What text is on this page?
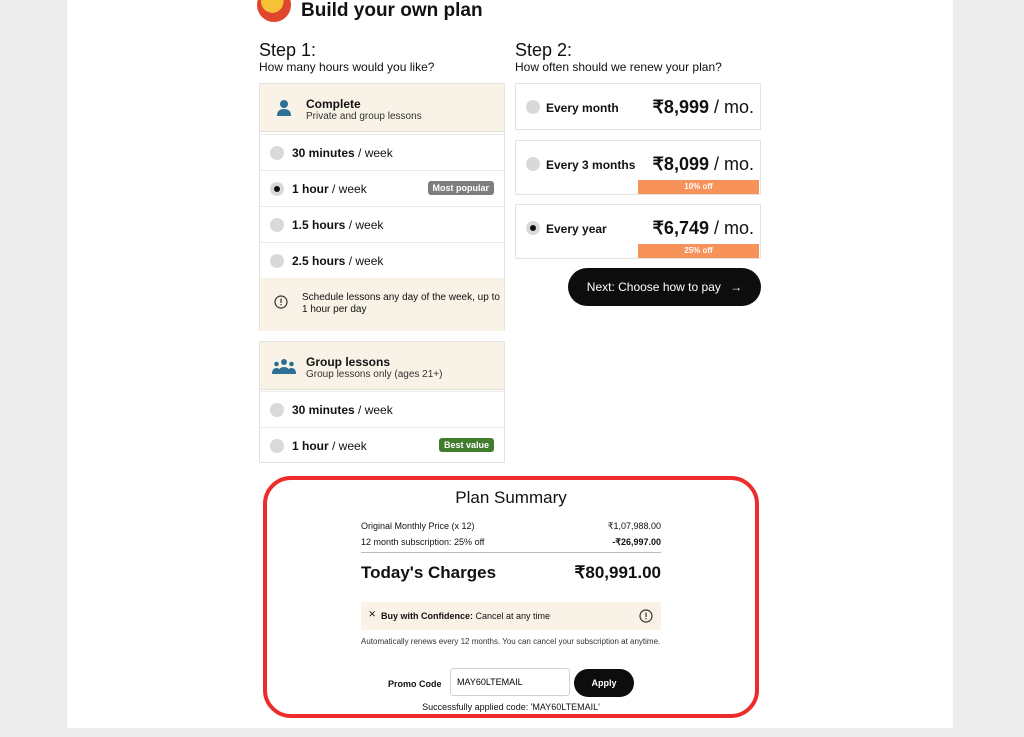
Build your own plan
Step 1:
How many hours would you like?
Complete
Private and group lessons
30 minutes / week
1 hour / week	Most popular
1.5 hours / week
2.5 hours / week
Schedule lessons any day of the week, up to 1 hour per day
Group lessons
Group lessons only (ages 21+)
30 minutes / week
1 hour / week	Best value
Step 2:
How often should we renew your plan?
Every month ₹8,999 / mo.
Every 3 months ₹8,099 / mo.
10% off
Every year	₹6,749 / mo.
25% off
Next: Choose how to pay →
Plan Summary
Original Monthly Price (x 12)	₹1,07,988.00
12 month subscription: 25% off	-₹26,997.00
Today's Charges	₹80,991.00
⨯ Buy with Confidence: Cancel at any time
Automatically renews every 12 months. You can cancel your subscription at anytime.
Promo Code
MAY60LTEMAIL	Apply
Successfully applied code: 'MAY60LTEMAIL'
